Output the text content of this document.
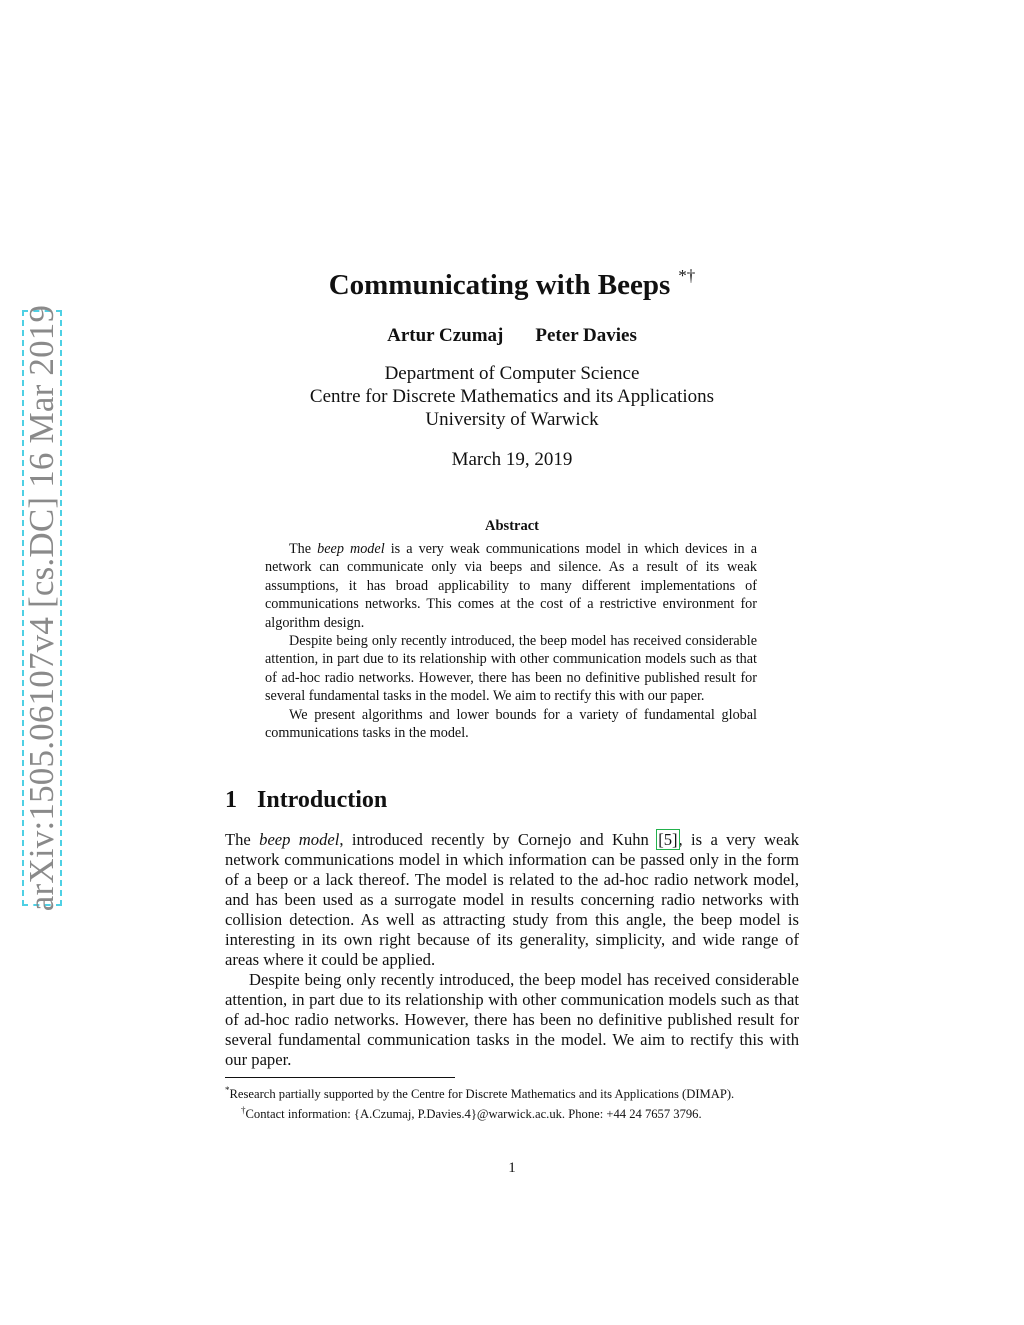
arXiv:1505.06107v4 [cs.DC] 16 Mar 2019
Communicating with Beeps *†
Artur Czumaj Peter Davies
Department of Computer Science
Centre for Discrete Mathematics and its Applications
University of Warwick
March 19, 2019
Abstract

The beep model is a very weak communications model in which devices in a network can communicate only via beeps and silence. As a result of its weak assumptions, it has broad applicability to many different implementations of communications networks. This comes at the cost of a restrictive environment for algorithm design.

Despite being only recently introduced, the beep model has received considerable attention, in part due to its relationship with other communication models such as that of ad-hoc radio networks. However, there has been no definitive published result for several fundamental tasks in the model. We aim to rectify this with our paper.

We present algorithms and lower bounds for a variety of fundamental global communications tasks in the model.

1 Introduction

The beep model, introduced recently by Cornejo and Kuhn [5], is a very weak network communications model in which information can be passed only in the form of a beep or a lack thereof. The model is related to the ad-hoc radio network model, and has been used as a surrogate model in results concerning radio networks with collision detection. As well as attracting study from this angle, the beep model is interesting in its own right because of its generality, simplicity, and wide range of areas where it could be applied.

Despite being only recently introduced, the beep model has received considerable attention, in part due to its relationship with other communication models such as that of ad-hoc radio networks. However, there has been no definitive published result for several fundamental communication tasks in the model. We aim to rectify this with our paper.

*Research partially supported by the Centre for Discrete Mathematics and its Applications (DIMAP).

†Contact information: {A.Czumaj, P.Davies.4}@warwick.ac.uk. Phone: +44 24 7657 3796.

1
